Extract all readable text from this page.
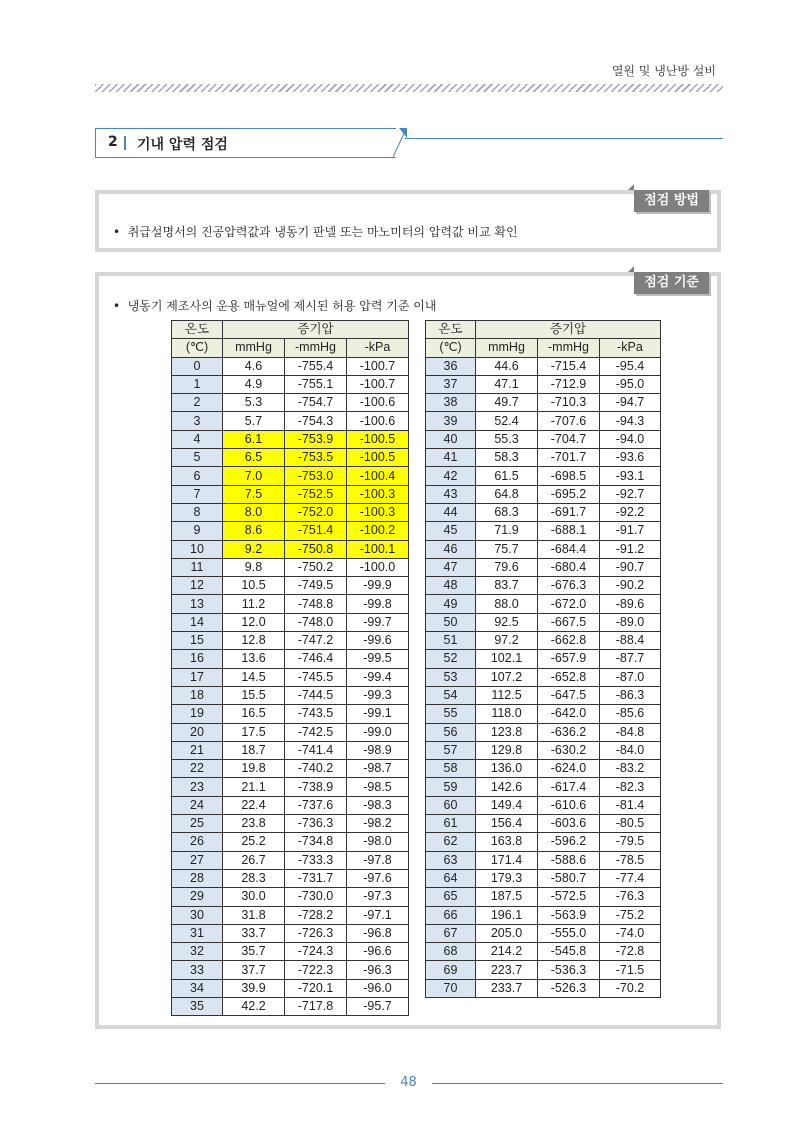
열원 및 냉난방 설비
2 기내 압력 점검
점검 방법
•  취급설명서의 진공압력값과 냉동기 판넬 또는 마노미터의 압력값 비교 확인
점검 기준
•  냉동기 제조사의 운용 매뉴얼에 제시된 허용 압력 기준 이내
온도	증기압		
(℃)	mmHg	-mmHg	-kPa
0	4.6	-755.4	-100.7
1	4.9	-755.1	-100.7
2	5.3	-754.7	-100.6
3	5.7	-754.3	-100.6
4	6.1	-753.9	-100.5
5	6.5	-753.5	-100.5
6	7.0	-753.0	-100.4
7	7.5	-752.5	-100.3
8	8.0	-752.0	-100.3
9	8.6	-751.4	-100.2
10	9.2	-750.8	-100.1
11	9.8	-750.2	-100.0
12	10.5	-749.5	-99.9
13	11.2	-748.8	-99.8
14	12.0	-748.0	-99.7
15	12.8	-747.2	-99.6
16	13.6	-746.4	-99.5
17	14.5	-745.5	-99.4
18	15.5	-744.5	-99.3
19	16.5	-743.5	-99.1
20	17.5	-742.5	-99.0
21	18.7	-741.4	-98.9
22	19.8	-740.2	-98.7
23	21.1	-738.9	-98.5
24	22.4	-737.6	-98.3
25	23.8	-736.3	-98.2
26	25.2	-734.8	-98.0
27	26.7	-733.3	-97.8
28	28.3	-731.7	-97.6
29	30.0	-730.0	-97.3
30	31.8	-728.2	-97.1
31	33.7	-726.3	-96.8
32	35.7	-724.3	-96.6
33	37.7	-722.3	-96.3
34	39.9	-720.1	-96.0
35	42.2	-717.8	-95.7
온도	증기압		
(℃)	mmHg	-mmHg	-kPa
36	44.6	-715.4	-95.4
37	47.1	-712.9	-95.0
38	49.7	-710.3	-94.7
39	52.4	-707.6	-94.3
40	55.3	-704.7	-94.0
41	58.3	-701.7	-93.6
42	61.5	-698.5	-93.1
43	64.8	-695.2	-92.7
44	68.3	-691.7	-92.2
45	71.9	-688.1	-91.7
46	75.7	-684.4	-91.2
47	79.6	-680.4	-90.7
48	83.7	-676.3	-90.2
49	88.0	-672.0	-89.6
50	92.5	-667.5	-89.0
51	97.2	-662.8	-88.4
52	102.1	-657.9	-87.7
53	107.2	-652.8	-87.0
54	112.5	-647.5	-86.3
55	118.0	-642.0	-85.6
56	123.8	-636.2	-84.8
57	129.8	-630.2	-84.0
58	136.0	-624.0	-83.2
59	142.6	-617.4	-82.3
60	149.4	-610.6	-81.4
61	156.4	-603.6	-80.5
62	163.8	-596.2	-79.5
63	171.4	-588.6	-78.5
64	179.3	-580.7	-77.4
65	187.5	-572.5	-76.3
66	196.1	-563.9	-75.2
67	205.0	-555.0	-74.0
68	214.2	-545.8	-72.8
69	223.7	-536.3	-71.5
70	233.7	-526.3	-70.2
48
